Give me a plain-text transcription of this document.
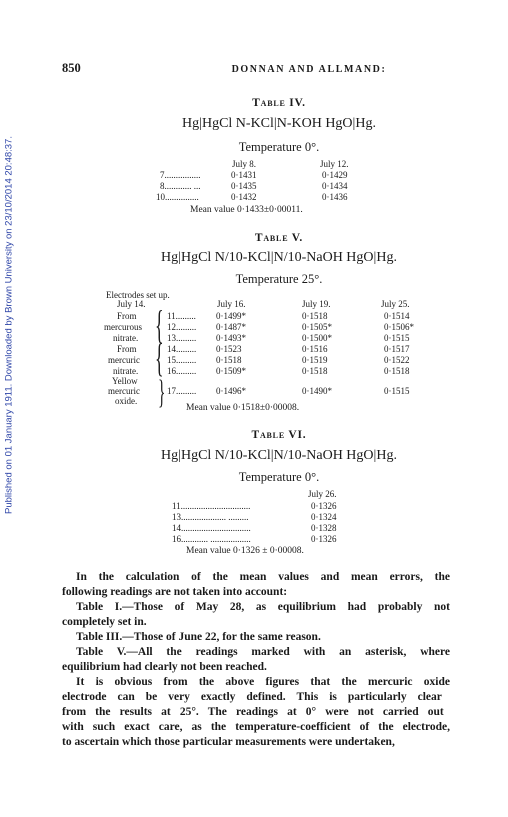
Published on 01 January 1911. Downloaded by Brown University on 23/10/2014 20:48:37.
850	DONNAN AND ALLMAND:
Table IV.
Hg|HgCl N-KCl|N-KOH HgO|Hg.
Temperature 0°.
July 8.	July 12.
7................	0·1431	0·1429
8............ ...	0·1435	0·1434
10...............	0·1432	0·1436
Mean value 0·1433±0·00011.
Table V.
Hg|HgCl N/10-KCl|N/10-NaOH HgO|Hg.
Temperature 25°.
Electrodes set up.
July 14.	July 16.	July 19.	July 25.
From
mercurous
nitrate.
From
mercuric
nitrate.
Yellow
mercuric
oxide.
{
{
}
11......... 0·1499*	0·1518	0·1514
12......... 0·1487*	0·1505*	0·1506*
13......... 0·1493*	0·1500*	0·1515
14......... 0·1523	0·1516	0·1517
15......... 0·1518	0·1519	0·1522
16......... 0·1509*	0·1518	0·1518
17......... 0·1496*	0·1490*	0·1515
Mean value 0·1518±0·00008.
Table VI.
Hg|HgCl N/10-KCl|N/10-NaOH HgO|Hg.
Temperature 0°.
July 26.
11...............................	0·1326
13.................... .........	0·1324
14...............................	0·1328
16............ ..................	0·1326
Mean value 0·1326 ± 0·00008.
In the calculation of the mean values and mean errors, the
following readings are not taken into account:
Table I.—Those of May 28, as equilibrium had probably not
completely set in.
Table III.—Those of June 22, for the same reason.
Table V.—All the readings marked with an asterisk, where
equilibrium had clearly not been reached.
It is obvious from the above figures that the mercuric oxide
electrode can be very exactly defined. This is particularly clear
from the results at 25°. The readings at 0° were not carried out
with such exact care, as the temperature-coefficient of the electrode,
to ascertain which those particular measurements were undertaken,
